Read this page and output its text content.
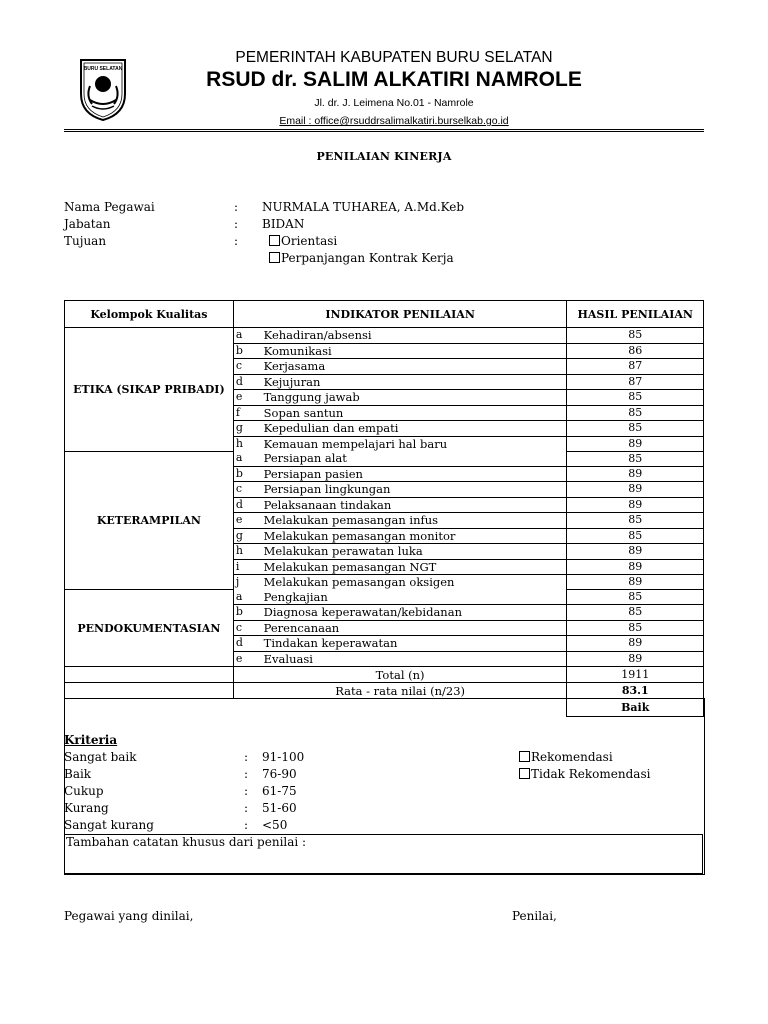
BURU SELATAN
PEMERINTAH KABUPATEN BURU SELATAN
RSUD dr. SALIM ALKATIRI NAMROLE
Jl. dr. J. Leimena No.01 - Namrole
Email : office@rsuddrsalimalkatiri.burselkab.go.id
PENILAIAN KINERJA
Nama Pegawai	: NURMALA TUHAREA, A.Md.Keb
Jabatan	: BIDAN
Tujuan	:	Orientasi
Perpanjangan Kontrak Kerja
Kelompok Kualitas	INDIKATOR PENILAIAN		HASIL PENILAIAN
ETIKA (SIKAP PRIBADI)	a	Kehadiran/absensi	85
	b	Komunikasi	86
	c	Kerjasama	87
	d	Kejujuran	87
	e	Tanggung jawab	85
	f	Sopan santun	85
	g	Kepedulian dan empati	85
	h	Kemauan mempelajari hal baru	89
KETERAMPILAN	a	Persiapan alat	85
	b	Persiapan pasien	89
	c	Persiapan lingkungan	89
	d	Pelaksanaan tindakan	89
	e	Melakukan pemasangan infus	85
	g	Melakukan pemasangan monitor	85
	h	Melakukan perawatan luka	89
	i	Melakukan pemasangan NGT	89
	j	Melakukan pemasangan oksigen	89
PENDOKUMENTASIAN	a	Pengkajian	85
	b	Diagnosa keperawatan/kebidanan	85
	c	Perencanaan	85
	d	Tindakan keperawatan	89
	e	Evaluasi	89
	Total (n)		1911
	Rata - rata nilai (n/23)		83.1
			Baik
Kriteria
Sangat baik	: 91-100
Baik	: 76-90
Cukup	: 61-75
Kurang	: 51-60
Sangat kurang	: <50
Rekomendasi
Tidak Rekomendasi
Tambahan catatan khusus dari penilai :
Pegawai yang dinilai,	Penilai,
